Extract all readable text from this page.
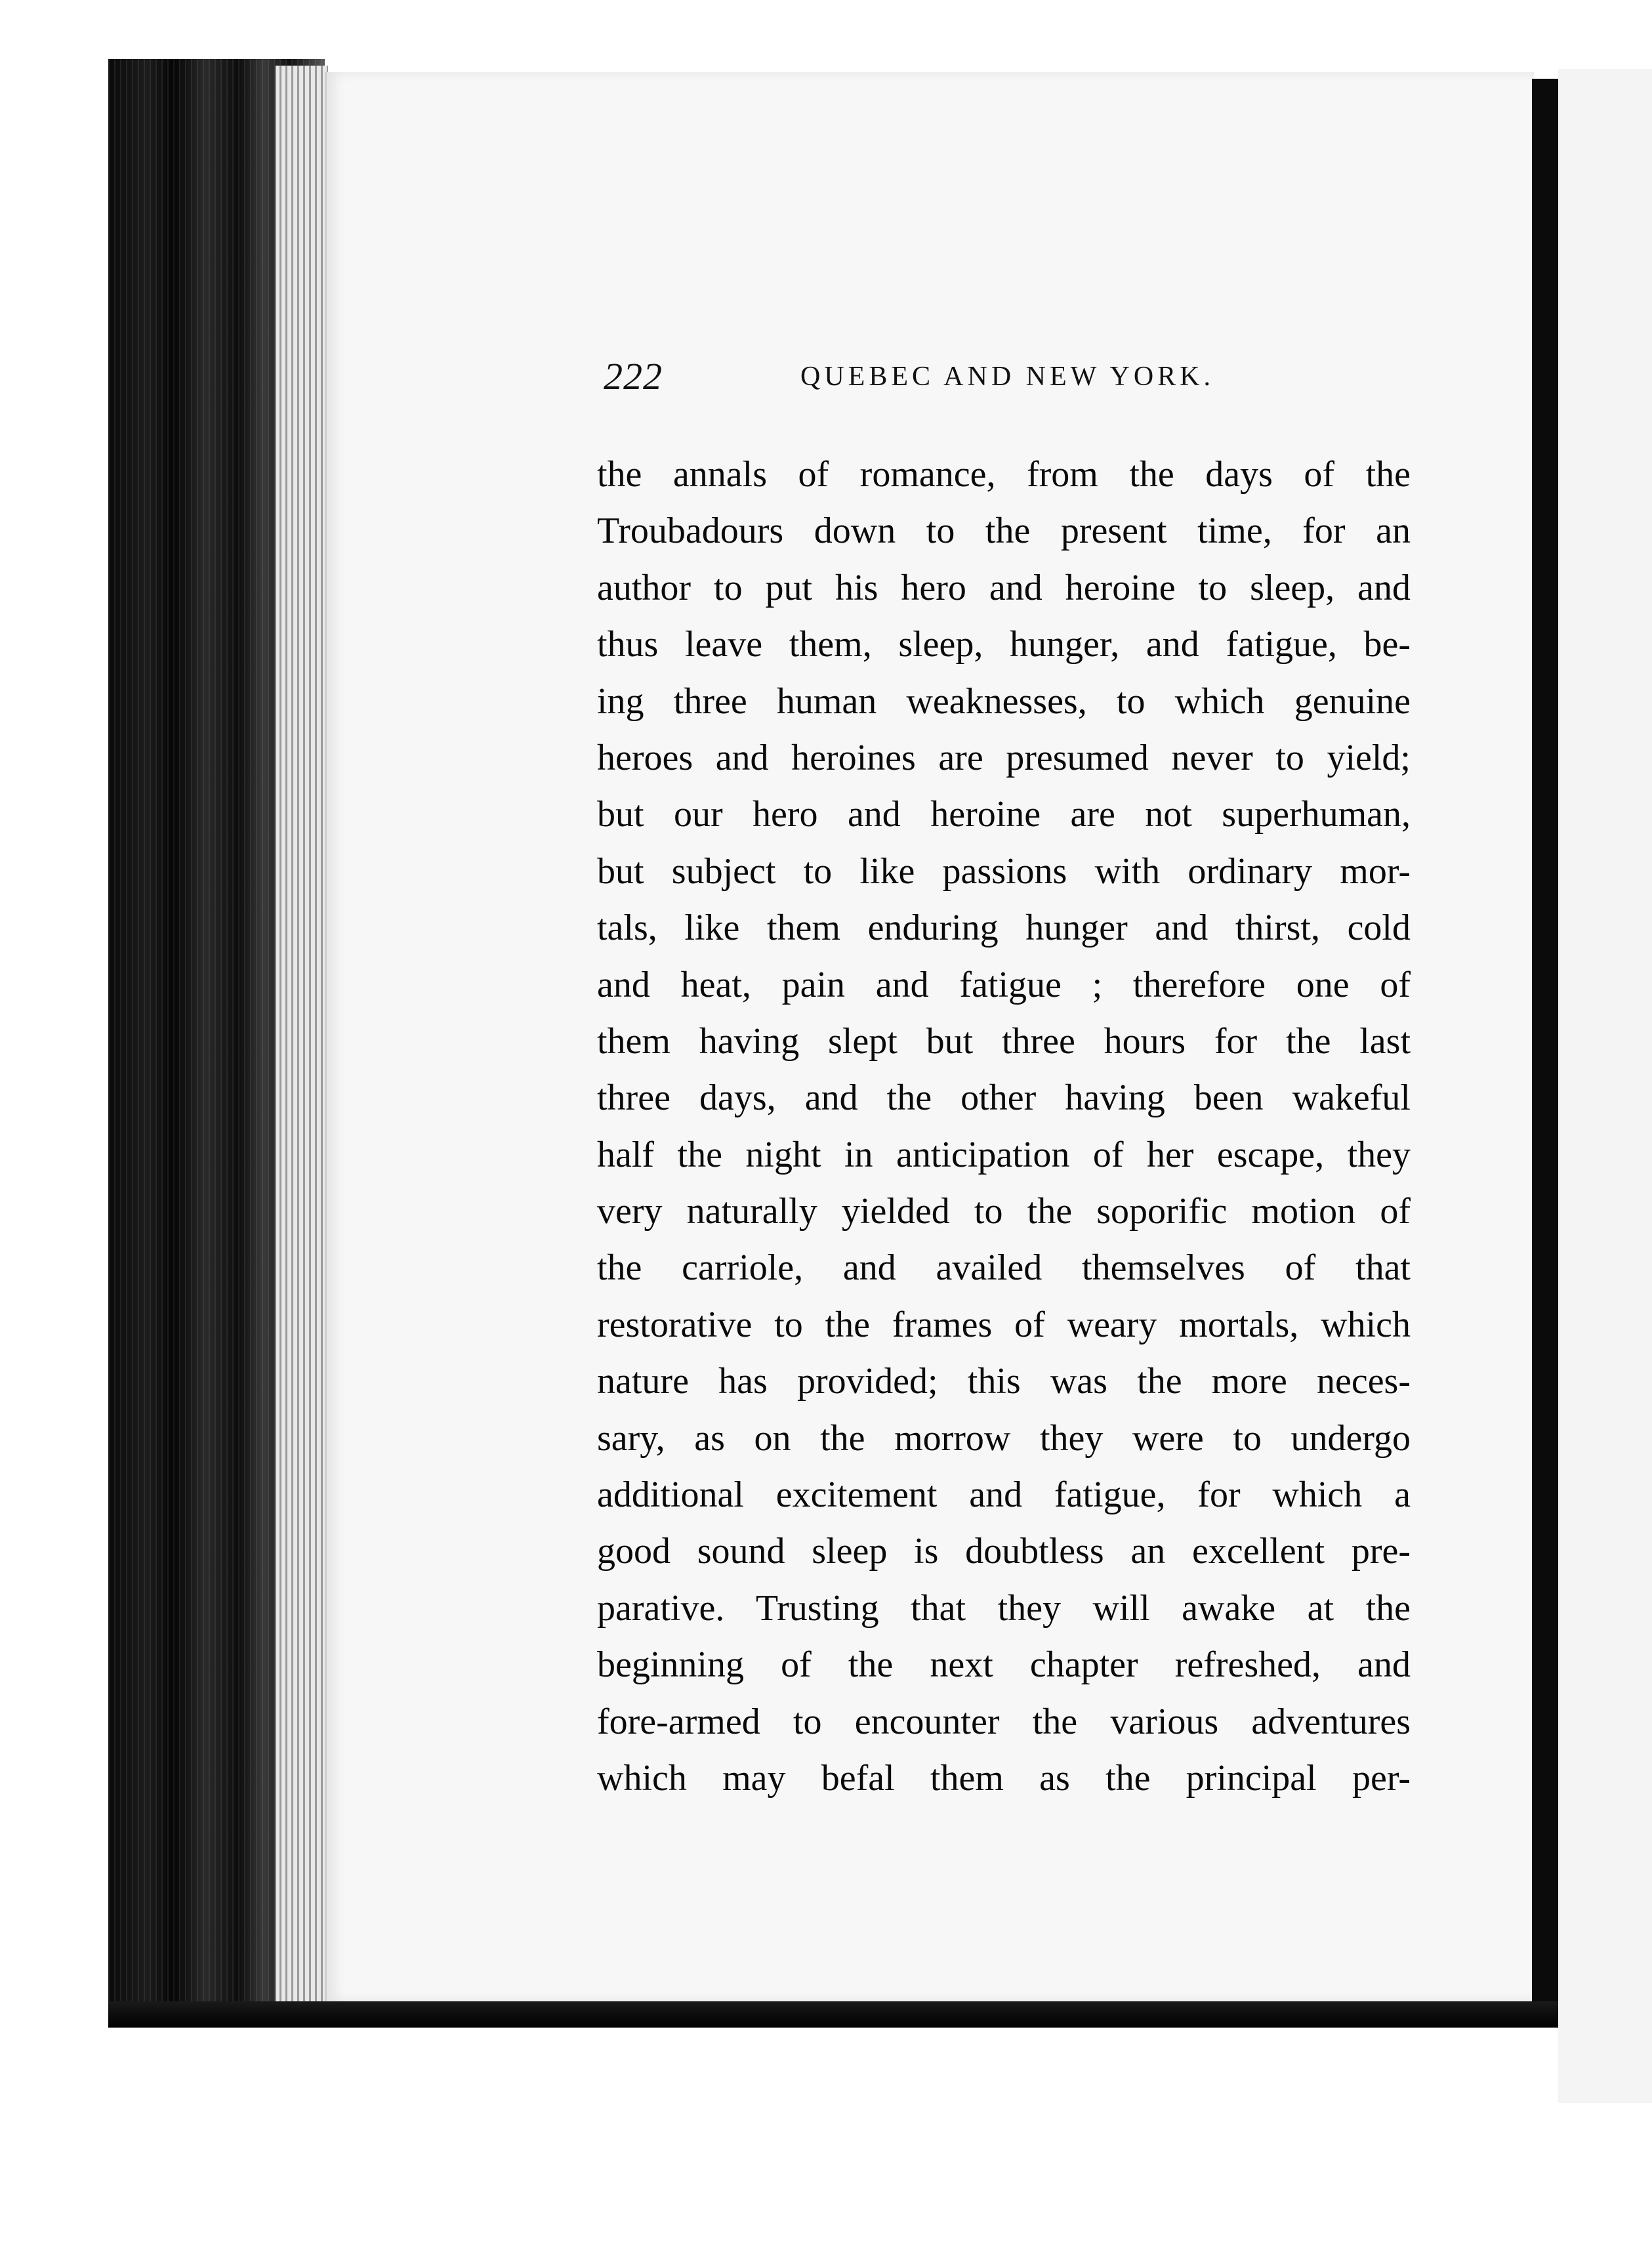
222	QUEBEC AND NEW YORK.
the annals of romance, from the days of the
Troubadours down to the present time, for an
author to put his hero and heroine to sleep, and
thus leave them, sleep, hunger, and fatigue, be-
ing three human weaknesses, to which genuine
heroes and heroines are presumed never to yield;
but our hero and heroine are not superhuman,
but subject to like passions with ordinary mor-
tals, like them enduring hunger and thirst, cold
and heat, pain and fatigue ; therefore one of
them having slept but three hours for the last
three days, and the other having been wakeful
half the night in anticipation of her escape, they
very naturally yielded to the soporific motion of
the carriole, and availed themselves of that
restorative to the frames of weary mortals, which
nature has provided; this was the more neces-
sary, as on the morrow they were to undergo
additional excitement and fatigue, for which a
good sound sleep is doubtless an excellent pre-
parative. Trusting that they will awake at the
beginning of the next chapter refreshed, and
fore-armed to encounter the various adventures
which may befal them as the principal per-
